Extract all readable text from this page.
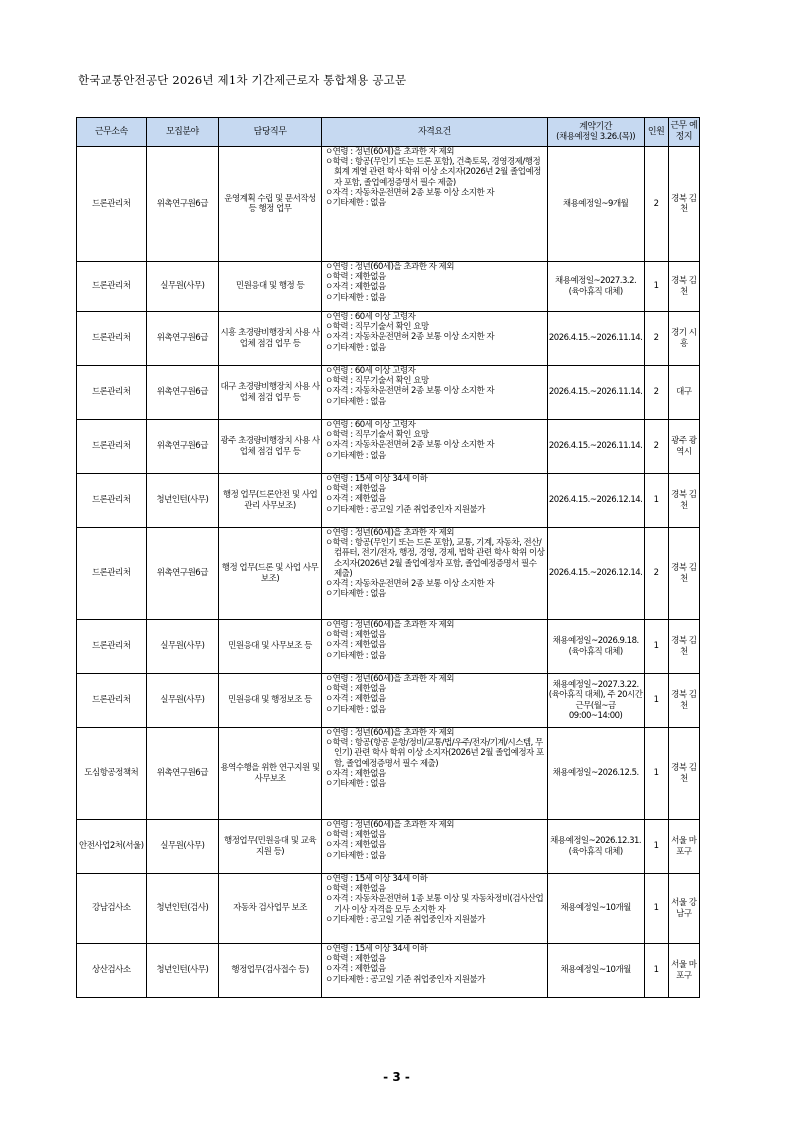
한국교통안전공단 2026년 제1차 기간제근로자 통합채용 공고문
근무소속	모집분야	담당직무	자격요건	계약기간
(채용예정일 3.26.(목))	인원	근무 예정지
드론관리처	위촉연구원6급	운영계획 수립 및 문서작성 등 행정 업무	ㅇ연령 : 정년(60세)을 초과한 자 제외
ㅇ학력 : 항공(무인기 또는 드론 포함), 건축토목, 경영경제/행정회계 계열 관련 학사 학위 이상 소지자(2026년 2월 졸업예정자 포함, 졸업예정증명서 필수 제출)
ㅇ자격 : 자동차운전면허 2종 보통 이상 소지한 자
ㅇ기타제한 : 없음	채용예정일~9개월	2	경북 김천
드론관리처	실무원(사무)	민원응대 및 행정 등	ㅇ연령 : 정년(60세)을 초과한 자 제외
ㅇ학력 : 제한없음
ㅇ자격 : 제한없음
ㅇ기타제한 : 없음	채용예정일~2027.3.2.
(육아휴직 대체)	1	경북 김천
드론관리처	위촉연구원6급	시흥 초경량비행장치 사용 사업체 점검 업무 등	ㅇ연령 : 60세 이상 고령자
ㅇ학력 : 직무기술서 확인 요망
ㅇ자격 : 자동차운전면허 2종 보통 이상 소지한 자
ㅇ기타제한 : 없음	2026.4.15.~2026.11.14.	2	경기 시흥
드론관리처	위촉연구원6급	대구 초경량비행장치 사용 사업체 점검 업무 등	ㅇ연령 : 60세 이상 고령자
ㅇ학력 : 직무기술서 확인 요망
ㅇ자격 : 자동차운전면허 2종 보통 이상 소지한 자
ㅇ기타제한 : 없음	2026.4.15.~2026.11.14.	2	대구
드론관리처	위촉연구원6급	광주 초경량비행장치 사용 사업체 점검 업무 등	ㅇ연령 : 60세 이상 고령자
ㅇ학력 : 직무기술서 확인 요망
ㅇ자격 : 자동차운전면허 2종 보통 이상 소지한 자
ㅇ기타제한 : 없음	2026.4.15.~2026.11.14.	2	광주 광역시
드론관리처	청년인턴(사무)	행정 업무(드론안전 및 사업관리 사무보조)	ㅇ연령 : 15세 이상 34세 이하
ㅇ학력 : 제한없음
ㅇ자격 : 제한없음
ㅇ기타제한 : 공고일 기준 취업중인자 지원불가	2026.4.15.~2026.12.14.	1	경북 김천
드론관리처	위촉연구원6급	행정 업무(드론 및 사업 사무보조)	ㅇ연령 : 정년(60세)을 초과한 자 제외
ㅇ학력 : 항공(무인기 또는 드론 포함), 교통, 기계, 자동차, 전산/컴퓨터, 전기/전자, 행정, 경영, 경제, 법학 관련 학사 학위 이상 소지자(2026년 2월 졸업예정자 포함, 졸업예정증명서 필수 제출)
ㅇ자격 : 자동차운전면허 2종 보통 이상 소지한 자
ㅇ기타제한 : 없음	2026.4.15.~2026.12.14.	2	경북 김천
드론관리처	실무원(사무)	민원응대 및 사무보조 등	ㅇ연령 : 정년(60세)을 초과한 자 제외
ㅇ학력 : 제한없음
ㅇ자격 : 제한없음
ㅇ기타제한 : 없음	채용예정일~2026.9.18.
(육아휴직 대체)	1	경북 김천
드론관리처	실무원(사무)	민원응대 및 행정보조 등	ㅇ연령 : 정년(60세)을 초과한 자 제외
ㅇ학력 : 제한없음
ㅇ자격 : 제한없음
ㅇ기타제한 : 없음	채용예정일~2027.3.22.
(육아휴직 대체), 주 20시간 근무(월~금 09:00~14:00)	1	경북 김천
도심항공정책처	위촉연구원6급	용역수행을 위한 연구지원 및 사무보조	ㅇ연령 : 정년(60세)을 초과한 자 제외
ㅇ학력 : 항공(항공 운항/정비/교통/법/우주/전자/기계/시스템, 무인기) 관련 학사 학위 이상 소지자(2026년 2월 졸업예정자 포함, 졸업예정증명서 필수 제출)
ㅇ자격 : 제한없음
ㅇ기타제한 : 없음	채용예정일~2026.12.5.	1	경북 김천
안전사업2처(서울)	실무원(사무)	행정업무(민원응대 및 교육 지원 등)	ㅇ연령 : 정년(60세)을 초과한 자 제외
ㅇ학력 : 제한없음
ㅇ자격 : 제한없음
ㅇ기타제한 : 없음	채용예정일~2026.12.31.
(육아휴직 대체)	1	서울 마포구
강남검사소	청년인턴(검사)	자동차 검사업무 보조	ㅇ연령 : 15세 이상 34세 이하
ㅇ학력 : 제한없음
ㅇ자격 : 자동차운전면허 1종 보통 이상 및 자동차정비(검사산업기사 이상 자격을 모두 소지한 자
ㅇ기타제한 : 공고일 기준 취업중인자 지원불가	채용예정일~10개월	1	서울 강남구
상산검사소	청년인턴(사무)	행정업무(검사접수 등)	ㅇ연령 : 15세 이상 34세 이하
ㅇ학력 : 제한없음
ㅇ자격 : 제한없음
ㅇ기타제한 : 공고일 기준 취업중인자 지원불가	채용예정일~10개월	1	서울 마포구
- 3 -
